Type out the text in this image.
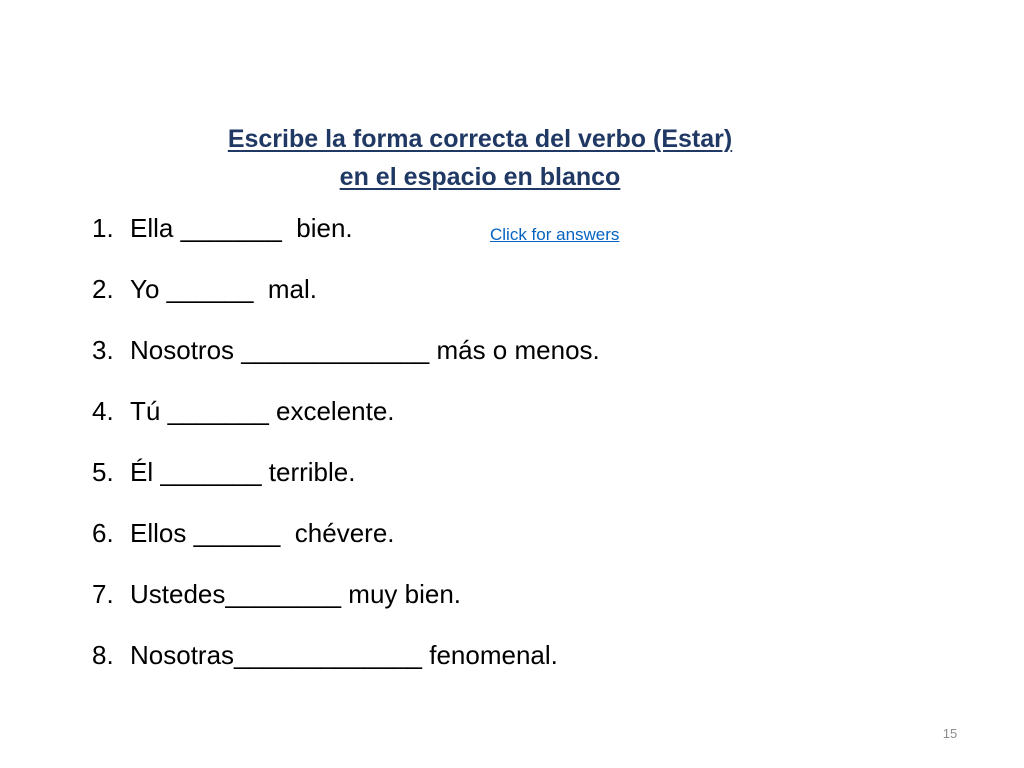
Escribe la forma correcta del verbo (Estar)
en el espacio en blanco
1. Ella _______  bien.
2. Yo ______  mal.
3. Nosotros _____________ más o menos.
4. Tú _______ excelente.
5. Él _______ terrible.
6. Ellos ______  chévere.
7. Ustedes________ muy bien.
8. Nosotras_____________ fenomenal.
Click for answers
15
